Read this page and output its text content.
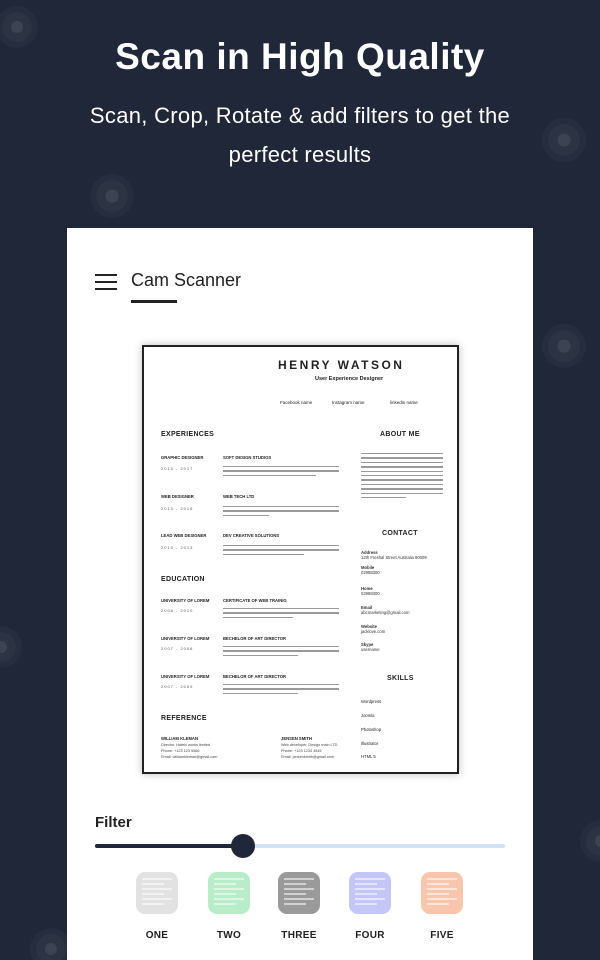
Scan in High Quality
Scan, Crop, Rotate & add filters to get the perfect results
Cam Scanner
HENRY WATSON
User Experience Designer
Facebook name	Instagram name	linkedin name
EXPERIENCES
GRAPHIC DESIGNER
2015 - 2017
SOFT DESIGN STUDIOS
WEB DESIGNER
2013 - 2015
WEB TECH LTD
LEAD WEB DESIGNER
2010 - 2013
DEV CREATIVE SOLUTIONS
EDUCATION
UNIVERSITY OF LOREM
2008 - 2010
CERTIFICATE OF WEB TRAINIG
UNIVERSITY OF LOREM
2007 - 2008
BECHELOR OF ART DIRECTOR
UNIVERSITY OF LOREM
2007 - 2009
BECHELOR OF ART DIRECTOR
REFERENCE
WILLIAM KLEMAN
Director, Hafeix works limited
Phone: +123 123 5566
Email: williamkleman@gmail.com
JENSEN SMITH
Web developer, Design main LTD
Phone: +123 1234 4545
Email: jensensmith@gmail.com
ABOUT ME
CONTACT
Address
12th Freshal Street Australia 90009
Mobile
02988300
Home
02988300
Email
abcmarketing@gmail.com
Website
jacklove.com
Skype
username
SKILLS
Wordpress
Joomla
Photoshop
Illustrator
HTML 5
Filter
ONE	TWO	THREE	FOUR	FIVE
